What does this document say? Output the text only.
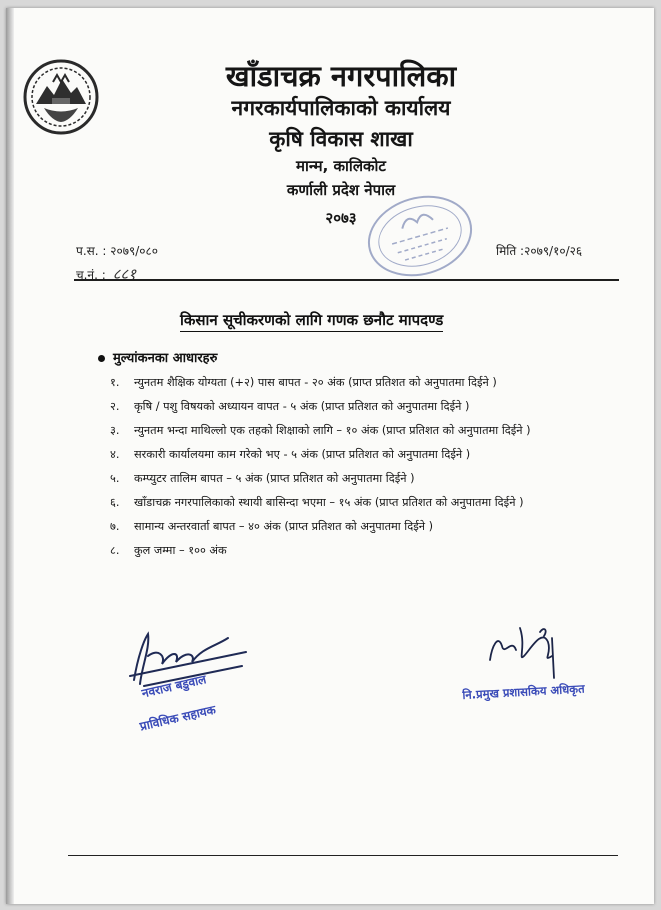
खाँडाचक्र नगरपालिका
नगरकार्यपालिकाको कार्यालय
कृषि विकास शाखा
मान्म, कालिकोट
कर्णाली प्रदेश नेपाल
२०७३
प.स. : २०७९/०८०
च.नं. : ८८१
मिति :२०७९/१०/२६
किसान सूचीकरणको लागि गणक छनौट मापदण्ड
मुल्यांकनका आधारहरु
१.	न्युनतम शैक्षिक योग्यता (+२) पास बापत - २० अंक (प्राप्त प्रतिशत को अनुपातमा दिईने )
२.	कृषि / पशु विषयको अध्यायन वापत - ५ अंक (प्राप्त प्रतिशत को अनुपातमा दिईने )
३.	न्युनतम भन्दा माथिल्लो एक तहको शिक्षाको लागि – १० अंक (प्राप्त प्रतिशत को अनुपातमा दिईने )
४.	सरकारी कार्यालयमा काम गरेको भए - ५ अंक (प्राप्त प्रतिशत को अनुपातमा दिईने )
५.	कम्प्युटर तालिम बापत – ५ अंक (प्राप्त प्रतिशत को अनुपातमा दिईने )
६.	खाँडाचक्र नगरपालिकाको स्थायी बासिन्दा भएमा – १५ अंक (प्राप्त प्रतिशत को अनुपातमा दिईने )
७.	सामान्य अन्तरवार्ता बापत – ४० अंक (प्राप्त प्रतिशत को अनुपातमा दिईने )
८.	कुल जम्मा – १०० अंक
नवराज बडुवाल
प्राविधिक सहायक
नि.प्रमुख प्रशासकिय अधिकृत
